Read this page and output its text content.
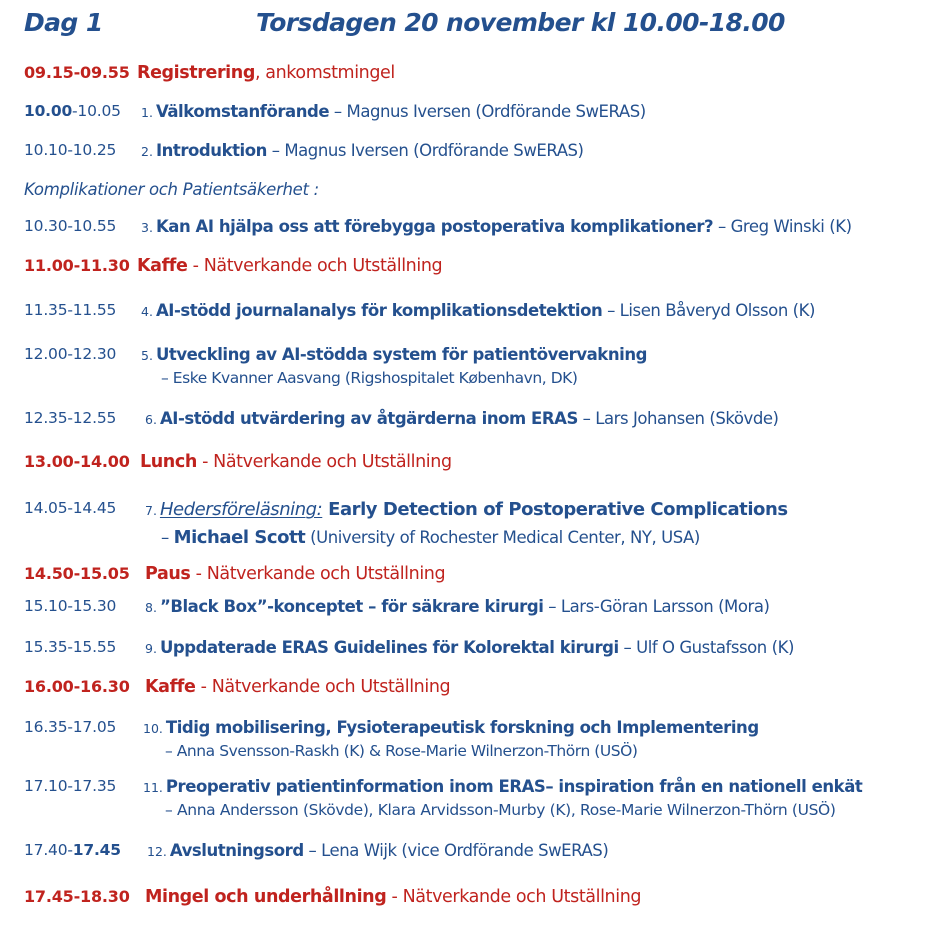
Dag 1	Torsdagen 20 november kl 10.00-18.00
09.15-09.55 Registrering, ankomstmingel
10.00-10.05 1. Välkomstanförande – Magnus Iversen (Ordförande SwERAS)
10.10-10.25 2. Introduktion – Magnus Iversen (Ordförande SwERAS)
Komplikationer och Patientsäkerhet :
10.30-10.55 3. Kan AI hjälpa oss att förebygga postoperativa komplikationer? – Greg Winski (K)
11.00-11.30 Kaffe - Nätverkande och Utställning
11.35-11.55 4. AI-stödd journalanalys för komplikationsdetektion – Lisen Båveryd Olsson (K)
12.00-12.30 5. Utveckling av AI-stödda system för patientövervakning
– Eske Kvanner Aasvang (Rigshospitalet København, DK)
12.35-12.55 6. AI-stödd utvärdering av åtgärderna inom ERAS – Lars Johansen (Skövde)
13.00-14.00 Lunch - Nätverkande och Utställning
14.05-14.45 7. Hedersföreläsning: Early Detection of Postoperative Complications
– Michael Scott (University of Rochester Medical Center, NY, USA)
14.50-15.05 Paus - Nätverkande och Utställning
15.10-15.30 8. ”Black Box”-konceptet – för säkrare kirurgi – Lars-Göran Larsson (Mora)
15.35-15.55 9. Uppdaterade ERAS Guidelines för Kolorektal kirurgi – Ulf O Gustafsson (K)
16.00-16.30 Kaffe - Nätverkande och Utställning
16.35-17.05 10. Tidig mobilisering, Fysioterapeutisk forskning och Implementering
– Anna Svensson-Raskh (K) & Rose-Marie Wilnerzon-Thörn (USÖ)
17.10-17.35 11. Preoperativ patientinformation inom ERAS– inspiration från en nationell enkät
– Anna Andersson (Skövde), Klara Arvidsson-Murby (K), Rose-Marie Wilnerzon-Thörn (USÖ)
17.40-17.45 12. Avslutningsord – Lena Wijk (vice Ordförande SwERAS)
17.45-18.30 Mingel och underhållning - Nätverkande och Utställning
